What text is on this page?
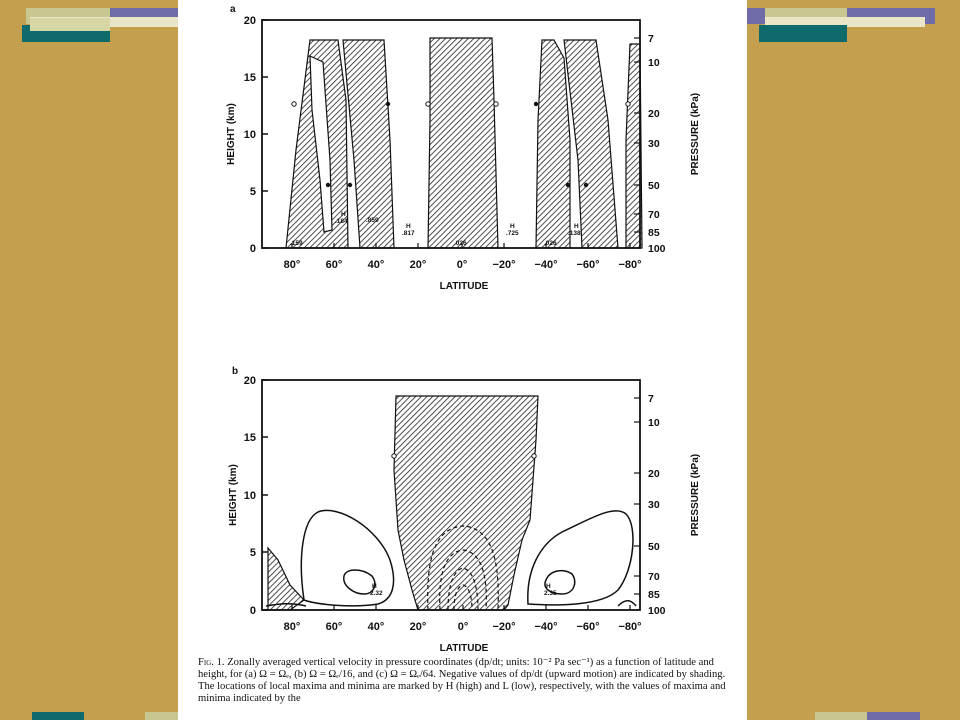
a
0
5
10
15
20
HEIGHT (km)
7
10
20
30
50
70
85
100
PRESSURE (kPa)
80° 60° 40° 20°	0° −20° −40° −60° −80°
LATITUDE
H
.184	.859
H
.817
.026
H
.725
.026
H
.138
.159
b
0
5
10
15
20
HEIGHT (km)
7
10
20
30
50
70
85
100
PRESSURE (kPa)
80° 60° 40° 20°	0° −20° −40° −60° −80°
LATITUDE
H
2.32
H
2.35
Fig. 1. Zonally averaged vertical velocity in pressure coordinates (dp/dt; units: 10⁻² Pa sec⁻¹) as a function of latitude and height, for (a) Ω = Ωₑ, (b) Ω = Ωₑ/16, and (c) Ω = Ωₑ/64. Negative values of dp/dt (upward motion) are indicated by shading. The locations of local maxima and minima are marked by H (high) and L (low), respectively, with the values of maxima and minima indicated by the
